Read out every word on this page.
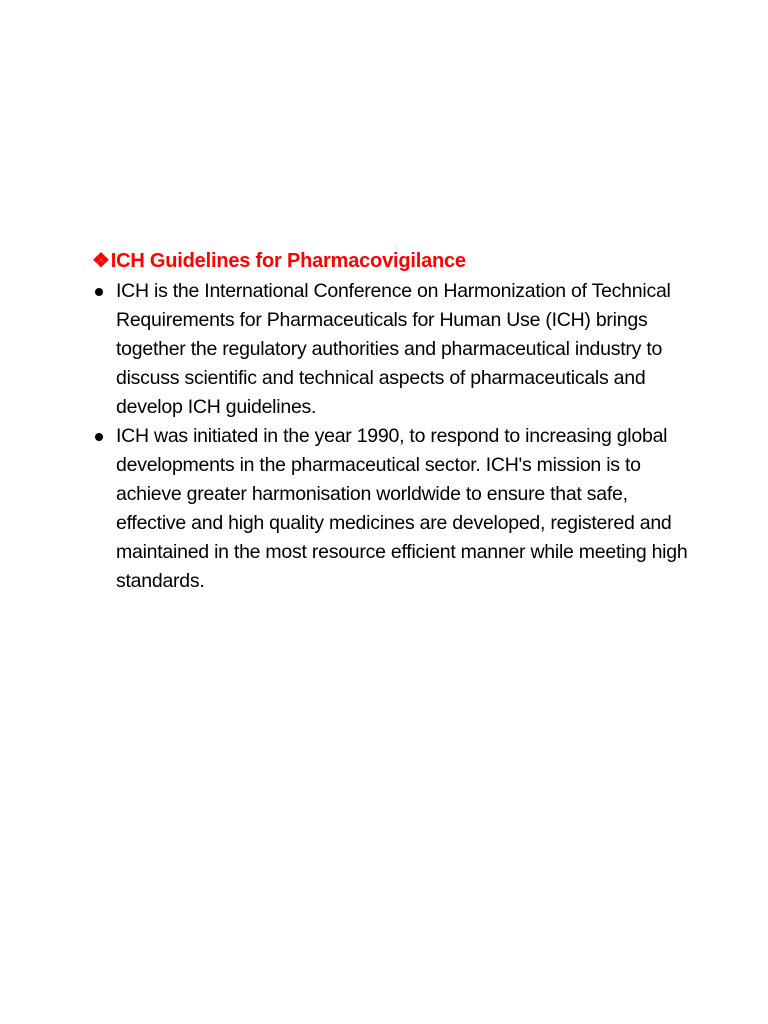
❖ ICH Guidelines for Pharmacovigilance
ICH is the International Conference on Harmonization of Technical Requirements for Pharmaceuticals for Human Use (ICH) brings together the regulatory authorities and pharmaceutical industry to discuss scientific and technical aspects of pharmaceuticals and develop ICH guidelines.
ICH was initiated in the year 1990, to respond to increasing global developments in the pharmaceutical sector. ICH's mission is to achieve greater harmonisation worldwide to ensure that safe, effective and high quality medicines are developed, registered and maintained in the most resource efficient manner while meeting high standards.
